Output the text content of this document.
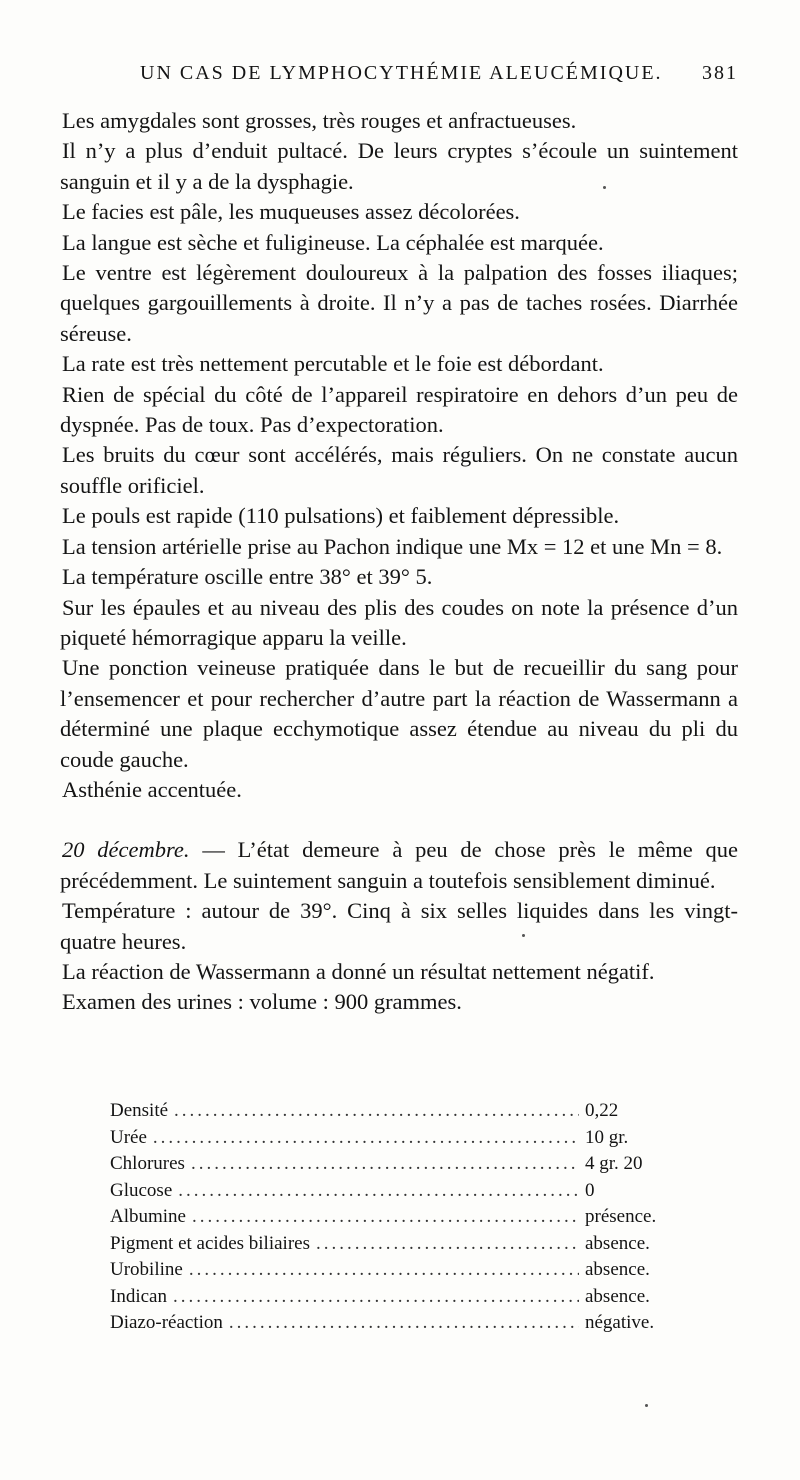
UN CAS DE LYMPHOCYTHÉMIE ALEUCÉMIQUE. 381

Les amygdales sont grosses, très rouges et anfractueuses.

Il n’y a plus d’enduit pultacé. De leurs cryptes s’écoule un suintement sanguin et il y a de la dysphagie.

Le facies est pâle, les muqueuses assez décolorées.

La langue est sèche et fuligineuse. La céphalée est marquée.

Le ventre est légèrement douloureux à la palpation des fosses iliaques; quelques gargouillements à droite. Il n’y a pas de taches rosées. Diarrhée séreuse.

La rate est très nettement percutable et le foie est débordant.

Rien de spécial du côté de l’appareil respiratoire en dehors d’un peu de dyspnée. Pas de toux. Pas d’expectoration.

Les bruits du cœur sont accélérés, mais réguliers. On ne constate aucun souffle orificiel.

Le pouls est rapide (110 pulsations) et faiblement dépressible.

La tension artérielle prise au Pachon indique une Mx = 12 et une Mn = 8.

La température oscille entre 38° et 39° 5.

Sur les épaules et au niveau des plis des coudes on note la présence d’un piqueté hémorragique apparu la veille.

Une ponction veineuse pratiquée dans le but de recueillir du sang pour l’ensemencer et pour rechercher d’autre part la réaction de Wassermann a déterminé une plaque ecchymotique assez étendue au niveau du pli du coude gauche.

Asthénie accentuée.

20 décembre. — L’état demeure à peu de chose près le même que précédemment. Le suintement sanguin a toutefois sensiblement diminué.

Température : autour de 39°. Cinq à six selles liquides dans les vingt-quatre heures.

La réaction de Wassermann a donné un résultat nettement négatif.

Examen des urines : volume : 900 grammes.

Densité .....	0,22
Urée .....	10 gr.
Chlorures .....	4 gr. 20
Glucose .....	0
Albumine .....	présence.
Pigment et acides biliaires .....	absence.
Urobiline .....	absence.
Indican .....	absence.
Diazo-réaction .....	négative.
